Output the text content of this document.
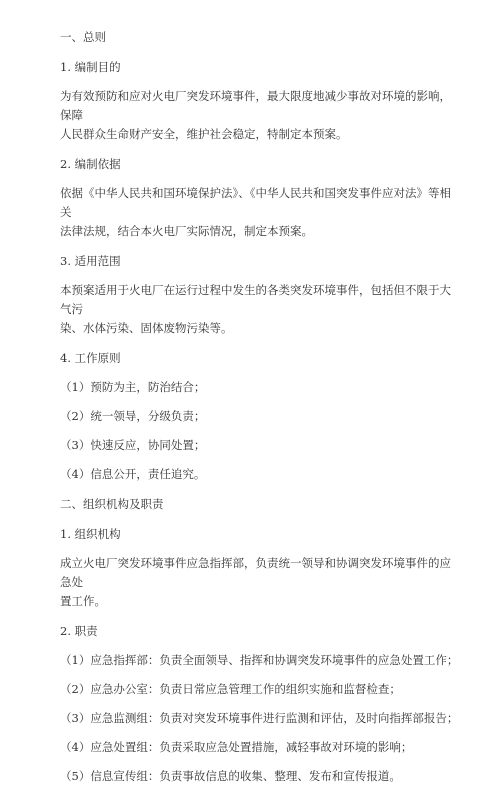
一、总则
1. 编制目的
为有效预防和应对火电厂突发环境事件，最大限度地减少事故对环境的影响，保障
人民群众生命财产安全，维护社会稳定，特制定本预案。
2. 编制依据
依据《中华人民共和国环境保护法》、《中华人民共和国突发事件应对法》等相关
法律法规，结合本火电厂实际情况，制定本预案。
3. 适用范围
本预案适用于火电厂在运行过程中发生的各类突发环境事件，包括但不限于大气污
染、水体污染、固体废物污染等。
4. 工作原则
（1）预防为主，防治结合；
（2）统一领导，分级负责；
（3）快速反应，协同处置；
（4）信息公开，责任追究。
二、组织机构及职责
1. 组织机构
成立火电厂突发环境事件应急指挥部，负责统一领导和协调突发环境事件的应急处
置工作。
2. 职责
（1）应急指挥部：负责全面领导、指挥和协调突发环境事件的应急处置工作；
（2）应急办公室：负责日常应急管理工作的组织实施和监督检查；
（3）应急监测组：负责对突发环境事件进行监测和评估，及时向指挥部报告；
（4）应急处置组：负责采取应急处置措施，减轻事故对环境的影响；
（5）信息宣传组：负责事故信息的收集、整理、发布和宣传报道。
